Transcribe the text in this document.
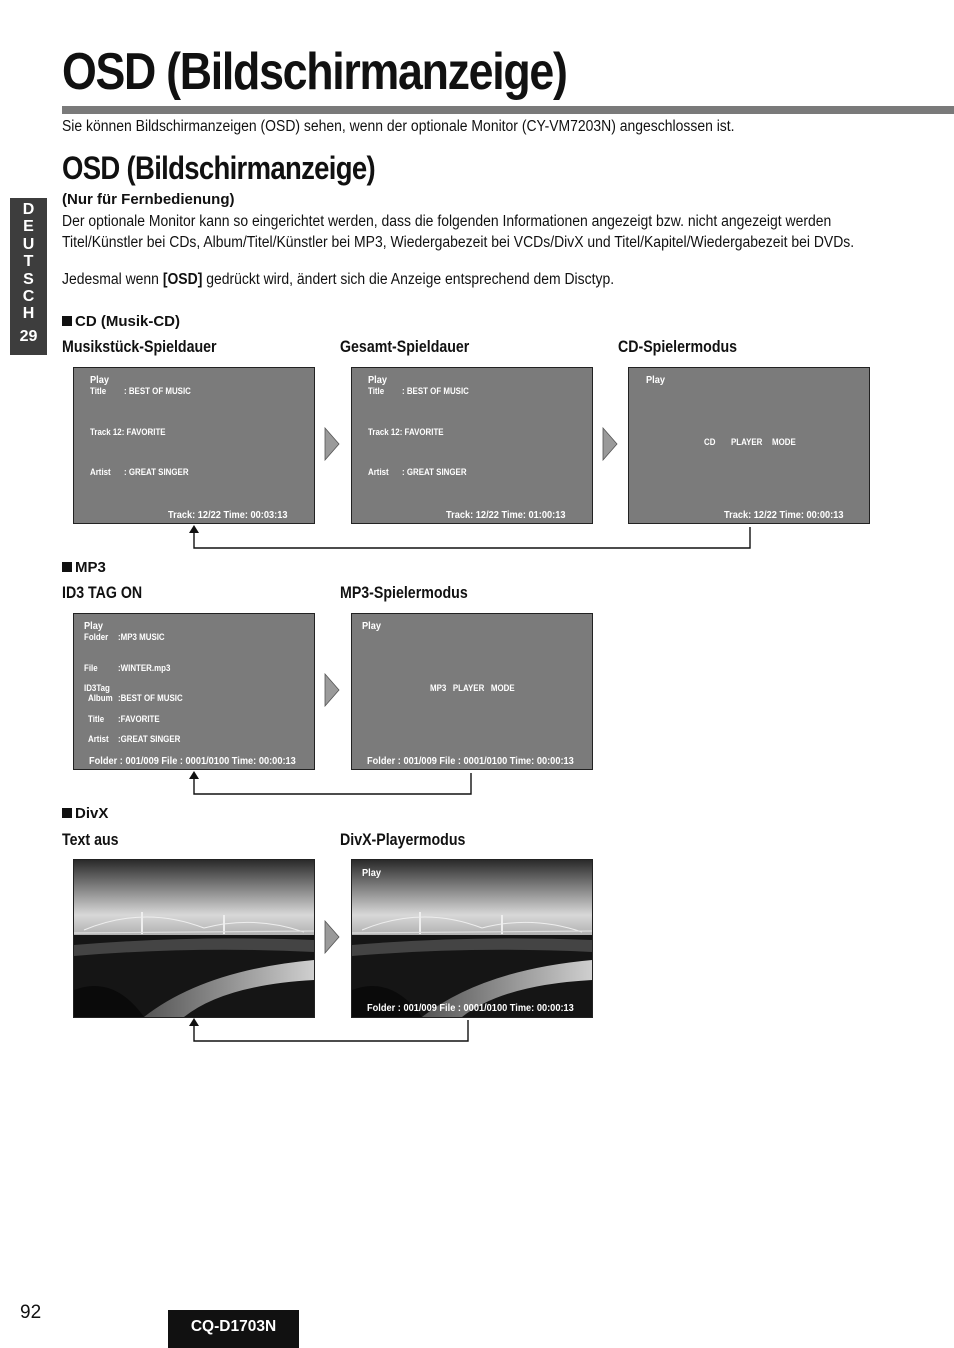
OSD (Bildschirmanzeige)
Sie können Bildschirmanzeigen (OSD) sehen, wenn der optionale Monitor (CY-VM7203N) angeschlossen ist.
OSD (Bildschirmanzeige)
D
E
U
T
S
C
H
29
(Nur für Fernbedienung)
Der optionale Monitor kann so eingerichtet werden, dass die folgenden Informationen angezeigt bzw. nicht angezeigt werden
Titel/Künstler bei CDs, Album/Titel/Künstler bei MP3, Wiedergabezeit bei VCDs/DivX und Titel/Kapitel/Wiedergabezeit bei DVDs.
Jedesmal wenn [OSD] gedrückt wird, ändert sich die Anzeige entsprechend dem Disctyp.
CD (Musik-CD)
Musikstück-Spieldauer	Gesamt-Spieldauer	CD-Spielermodus
Play
Title : BEST OF MUSIC
Track 12: FAVORITE
Artist : GREAT SINGER
Track: 12/22 Time: 00:03:13
Play
Title : BEST OF MUSIC
Track 12: FAVORITE
Artist : GREAT SINGER
Track: 12/22 Time: 01:00:13
Play
CD PLAYER MODE
Track: 12/22 Time: 00:00:13
MP3
ID3 TAG ON	MP3-Spielermodus
Play
Folder :MP3 MUSIC
File :WINTER.mp3
ID3Tag
Album :BEST OF MUSIC
Title :FAVORITE
Artist :GREAT SINGER
Folder : 001/009 File : 0001/0100 Time: 00:00:13
Play
MP3   PLAYER   MODE
Folder : 001/009 File : 0001/0100 Time: 00:00:13
DivX
Text aus	DivX-Playermodus
Play
Folder : 001/009 File : 0001/0100 Time: 00:00:13
92
CQ-D1703N
